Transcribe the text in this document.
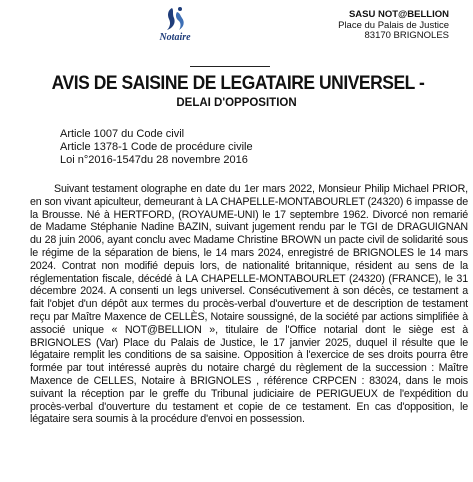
Notaire
SASU NOT@BELLION
Place du Palais de Justice
83170 BRIGNOLES
AVIS DE SAISINE DE LEGATAIRE UNIVERSEL -
DELAI D'OPPOSITION
Article 1007 du Code civil
Article 1378-1 Code de procédure civile
Loi n°2016-1547du 28 novembre 2016
Suivant testament olographe en date du 1er mars 2022, Monsieur Philip Michael PRIOR, en son vivant apiculteur, demeurant à LA CHAPELLE-MONTABOURLET (24320) 6 impasse de la Brousse. Né à HERTFORD, (ROYAUME-UNI) le 17 septembre 1962. Divorcé non remarié de Madame Stéphanie Nadine BAZIN, suivant jugement rendu par le TGI de DRAGUIGNAN du 28 juin 2006, ayant conclu avec Madame Christine BROWN un pacte civil de solidarité sous le régime de la séparation de biens, le 14 mars 2024, enregistré de BRIGNOLES le 14 mars 2024. Contrat non modifié depuis lors, de nationalité britannique, résident au sens de la réglementation fiscale, décédé à LA CHAPELLE-MONTABOURLET (24320) (FRANCE), le 31 décembre 2024. A consenti un legs universel. Consécutivement à son décès, ce testament a fait l'objet d'un dépôt aux termes du procès-verbal d'ouverture et de description de testament reçu par Maître Maxence de CELLÈS, Notaire soussigné, de la société par actions simplifiée à associé unique « NOT@BELLION », titulaire de l'Office notarial dont le siège est à BRIGNOLES (Var) Place du Palais de Justice, le 17 janvier 2025, duquel il résulte que le légataire remplit les conditions de sa saisine. Opposition à l'exercice de ses droits pourra être formée par tout intéressé auprès du notaire chargé du règlement de la succession : Maître Maxence de CELLES, Notaire à BRIGNOLES , référence CRPCEN : 83024, dans le mois suivant la réception par le greffe du Tribunal judiciaire de PERIGUEUX de l'expédition du procès-verbal d'ouverture du testament et copie de ce testament. En cas d'opposition, le légataire sera soumis à la procédure d'envoi en possession.
